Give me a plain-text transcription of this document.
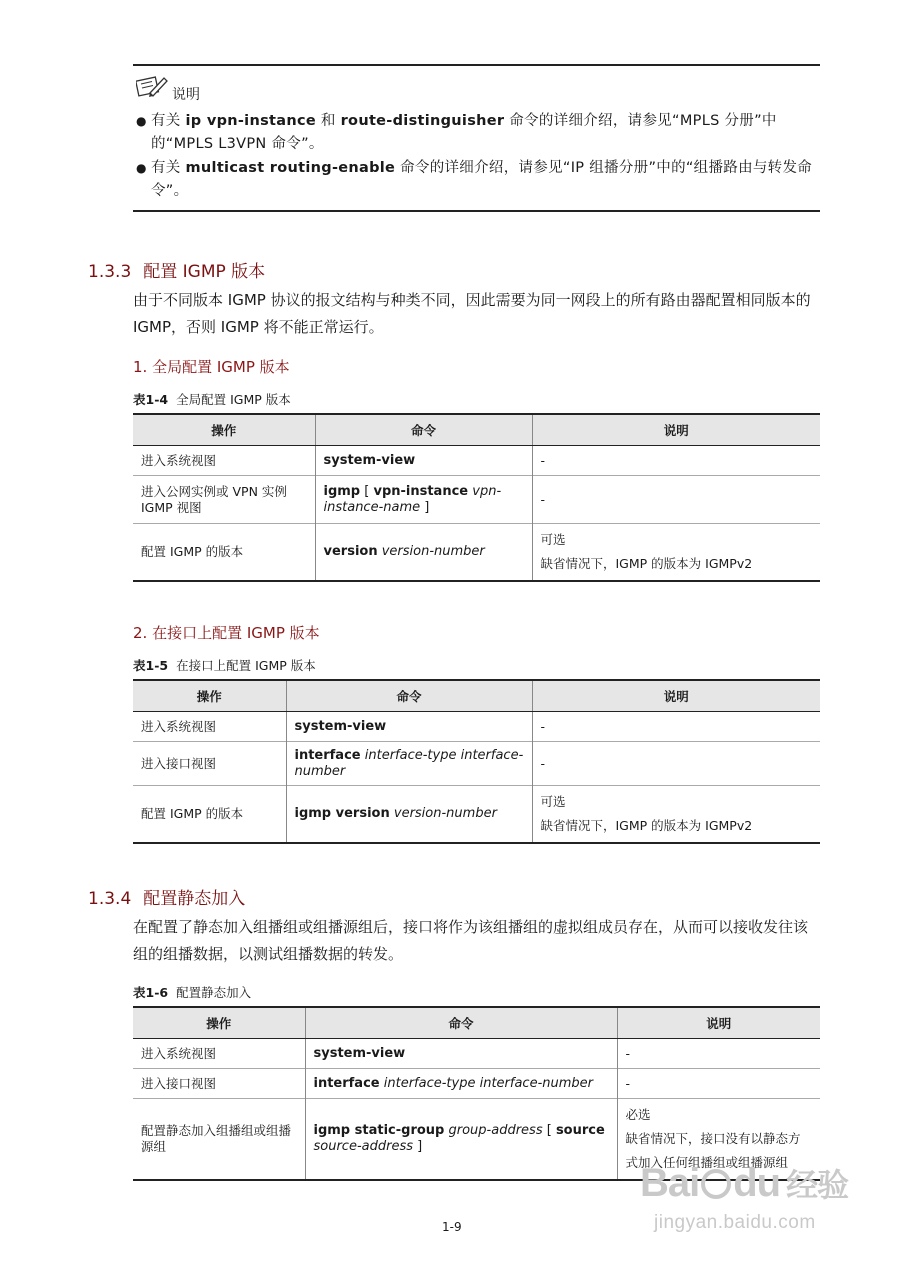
说明
● 有关 ip vpn-instance 和 route-distinguisher 命令的详细介绍，请参见“MPLS 分册”中的“MPLS L3VPN 命令”。
● 有关 multicast routing-enable 命令的详细介绍，请参见“IP 组播分册”中的“组播路由与转发命令”。
1.3.3 配置 IGMP 版本
由于不同版本 IGMP 协议的报文结构与种类不同，因此需要为同一网段上的所有路由器配置相同版本的 IGMP，否则 IGMP 将不能正常运行。
1. 全局配置 IGMP 版本
表1-4 全局配置 IGMP 版本
操作	命令	说明
进入系统视图	system-view	-
进入公网实例或 VPN 实例 IGMP 视图	igmp [ vpn-instance vpn-instance-name ]	-
配置 IGMP 的版本	version version-number	可选
缺省情况下，IGMP 的版本为 IGMPv2
2. 在接口上配置 IGMP 版本
表1-5 在接口上配置 IGMP 版本
操作	命令	说明
进入系统视图	system-view	-
进入接口视图	interface interface-type interface-number	-
配置 IGMP 的版本	igmp version version-number	可选
缺省情况下，IGMP 的版本为 IGMPv2
1.3.4 配置静态加入
在配置了静态加入组播组或组播源组后，接口将作为该组播组的虚拟组成员存在，从而可以接收发往该组的组播数据，以测试组播数据的转发。
表1-6 配置静态加入
操作	命令	说明
进入系统视图	system-view	-
进入接口视图	interface interface-type interface-number	-
配置静态加入组播组或组播源组	igmp static-group group-address [ source source-address ]	必选
缺省情况下，接口没有以静态方式加入任何组播组或组播源组
1-9
Bai du 经验
jingyan.baidu.com
